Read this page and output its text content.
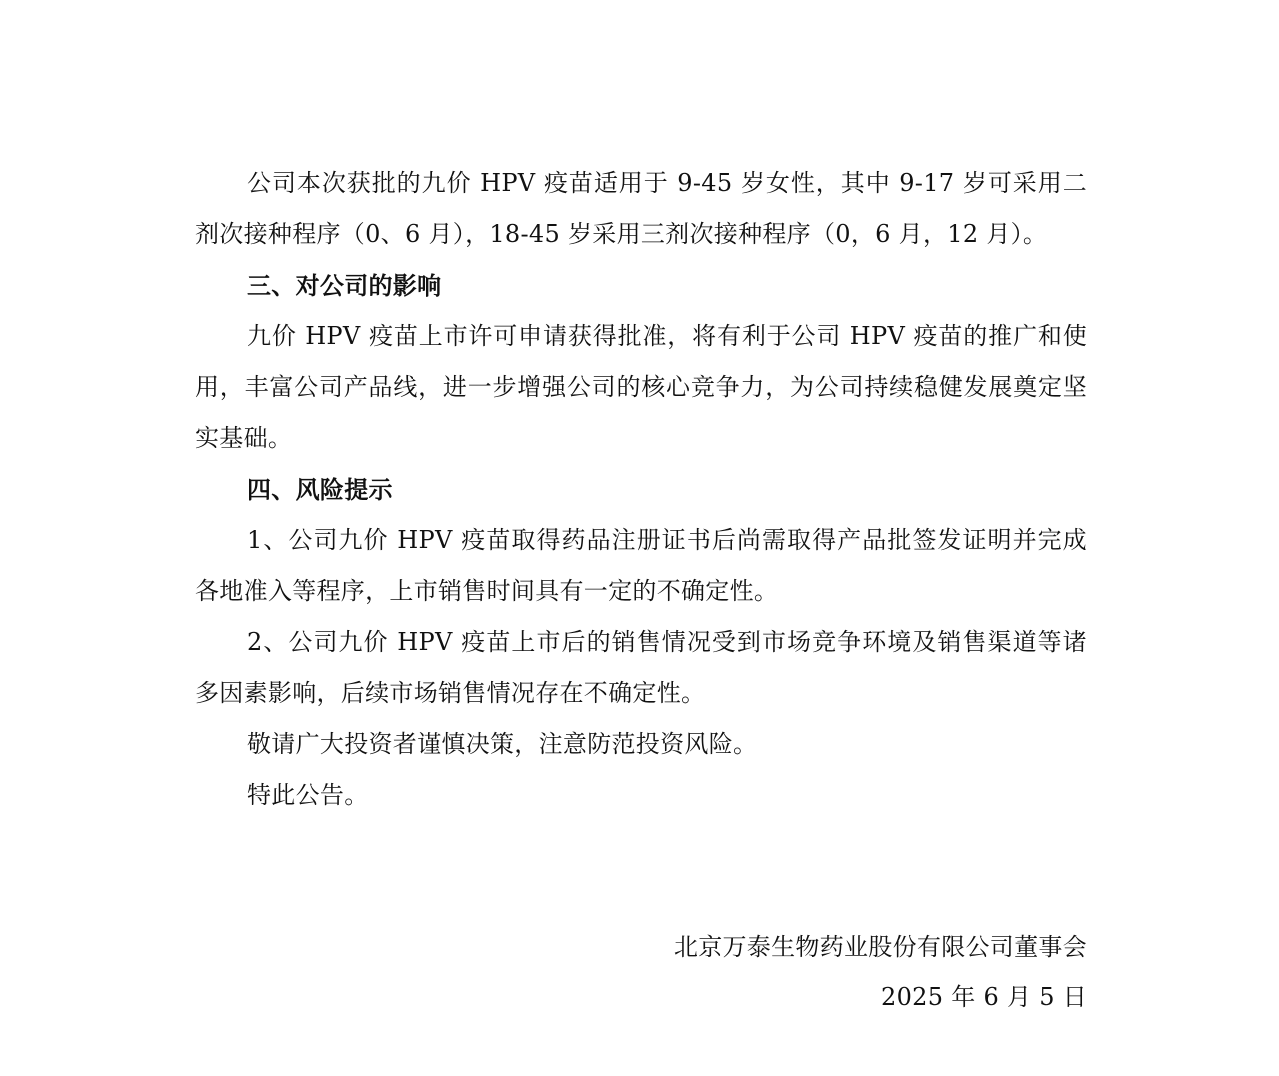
公司本次获批的九价 HPV 疫苗适用于 9-45 岁女性，其中 9-17 岁可采用二剂次接种程序（0、6 月），18-45 岁采用三剂次接种程序（0，6 月，12 月）。

三、对公司的影响

九价 HPV 疫苗上市许可申请获得批准，将有利于公司 HPV 疫苗的推广和使用，丰富公司产品线，进一步增强公司的核心竞争力，为公司持续稳健发展奠定坚实基础。

四、风险提示

1、公司九价 HPV 疫苗取得药品注册证书后尚需取得产品批签发证明并完成各地准入等程序，上市销售时间具有一定的不确定性。

2、公司九价 HPV 疫苗上市后的销售情况受到市场竞争环境及销售渠道等诸多因素影响，后续市场销售情况存在不确定性。

敬请广大投资者谨慎决策，注意防范投资风险。

特此公告。

北京万泰生物药业股份有限公司董事会
2025 年 6 月 5 日
